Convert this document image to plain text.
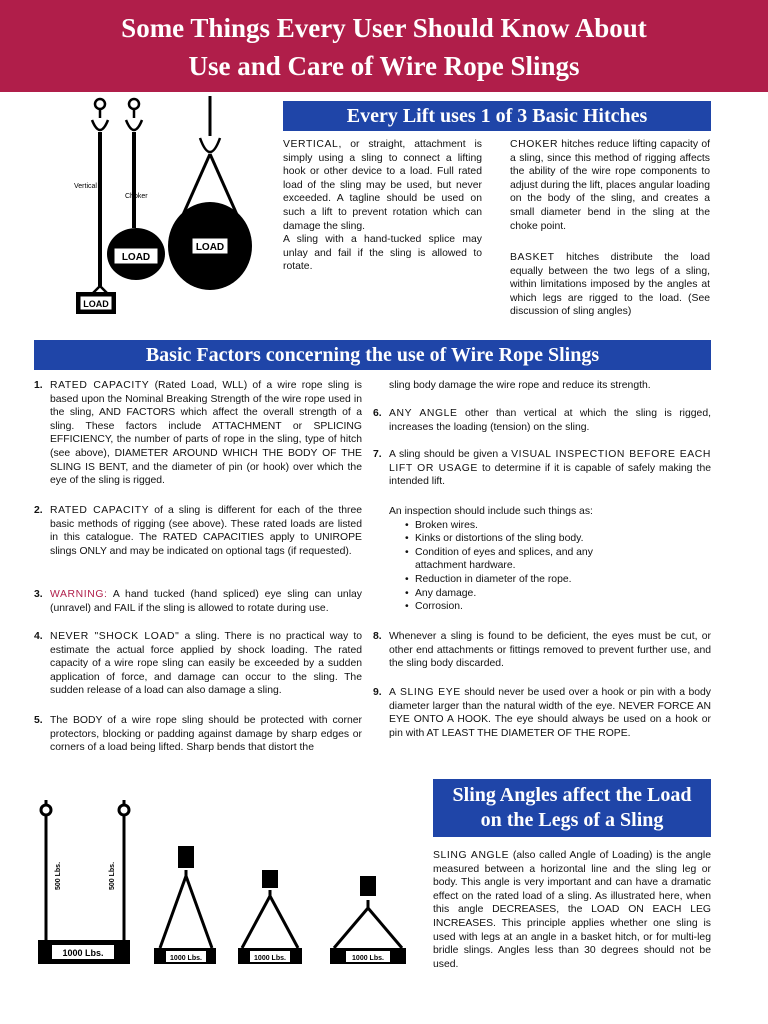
Some Things Every User Should Know About
Use and Care of Wire Rope Slings
LOAD
LOAD
LOAD
Vertical
Choker
Basket
Every Lift uses 1 of 3 Basic Hitches
VERTICAL, or straight, attachment is simply using a sling to connect a lifting hook or other device to a load. Full rated load of the sling may be used, but never exceeded. A tagline should be used on such a lift to prevent rotation which can damage the sling.
A sling with a hand-tucked splice may unlay and fail if the sling is allowed to rotate.
CHOKER hitches reduce lifting capacity of a sling, since this method of rigging affects the ability of the wire rope components to adjust during the lift, places angular loading on the body of the sling, and creates a small diameter bend in the sling at the choke point.
BASKET hitches distribute the load equally between the two legs of a sling, within limitations imposed by the angles at which legs are rigged to the load. (See discussion of sling angles)
Basic Factors concerning the use of Wire Rope Slings
1. RATED CAPACITY (Rated Load, WLL) of a wire rope sling is based upon the Nominal Breaking Strength of the wire rope used in the sling, AND FACTORS which affect the overall strength of a sling. These factors include ATTACHMENT or SPLICING EFFICIENCY, the number of parts of rope in the sling, type of hitch (see above), DIAMETER AROUND WHICH THE BODY OF THE SLING IS BENT, and the diameter of pin (or hook) over which the eye of the sling is rigged.
2. RATED CAPACITY of a sling is different for each of the three basic methods of rigging (see above). These rated loads are listed in this catalogue. The RATED CAPACITIES apply to UNIROPE slings ONLY and may be indicated on optional tags (if requested).
3. WARNING: A hand tucked (hand spliced) eye sling can unlay (unravel) and FAIL if the sling is allowed to rotate during use.
4. NEVER "SHOCK LOAD" a sling. There is no practical way to estimate the actual force applied by shock loading. The rated capacity of a wire rope sling can easily be exceeded by a sudden application of force, and damage can occur to the sling. The sudden release of a load can also damage a sling.
5. The BODY of a wire rope sling should be protected with corner protectors, blocking or padding against damage by sharp edges or corners of a load being lifted. Sharp bends that distort the
sling body damage the wire rope and reduce its strength.
6. ANY ANGLE other than vertical at which the sling is rigged, increases the loading (tension) on the sling.
7. A sling should be given a VISUAL INSPECTION BEFORE EACH LIFT OR USAGE to determine if it is capable of safely making the intended lift.
An inspection should include such things as:
• Broken wires.
• Kinks or distortions of the sling body.
• Condition of eyes and splices, and any attachment hardware.
• Reduction in diameter of the rope.
• Any damage.
• Corrosion.
8. Whenever a sling is found to be deficient, the eyes must be cut, or other end attachments or fittings removed to prevent further use, and the sling body discarded.
9. A SLING EYE should never be used over a hook or pin with a body diameter larger than the natural width of the eye. NEVER FORCE AN EYE ONTO A HOOK. The eye should always be used on a hook or pin with AT LEAST THE DIAMETER OF THE ROPE.
1000 Lbs.
1000 Lbs.	1000 Lbs.	1000 Lbs.
500 Lbs.	500 Lbs.
Sling Angles affect the Load
on the Legs of a Sling
SLING ANGLE (also called Angle of Loading) is the angle measured between a horizontal line and the sling leg or body. This angle is very important and can have a dramatic effect on the rated load of a sling. As illustrated here, when this angle DECREASES, the LOAD ON EACH LEG INCREASES. This principle applies whether one sling is used with legs at an angle in a basket hitch, or for multi-leg bridle slings. Angles less than 30 degrees should not be used.
